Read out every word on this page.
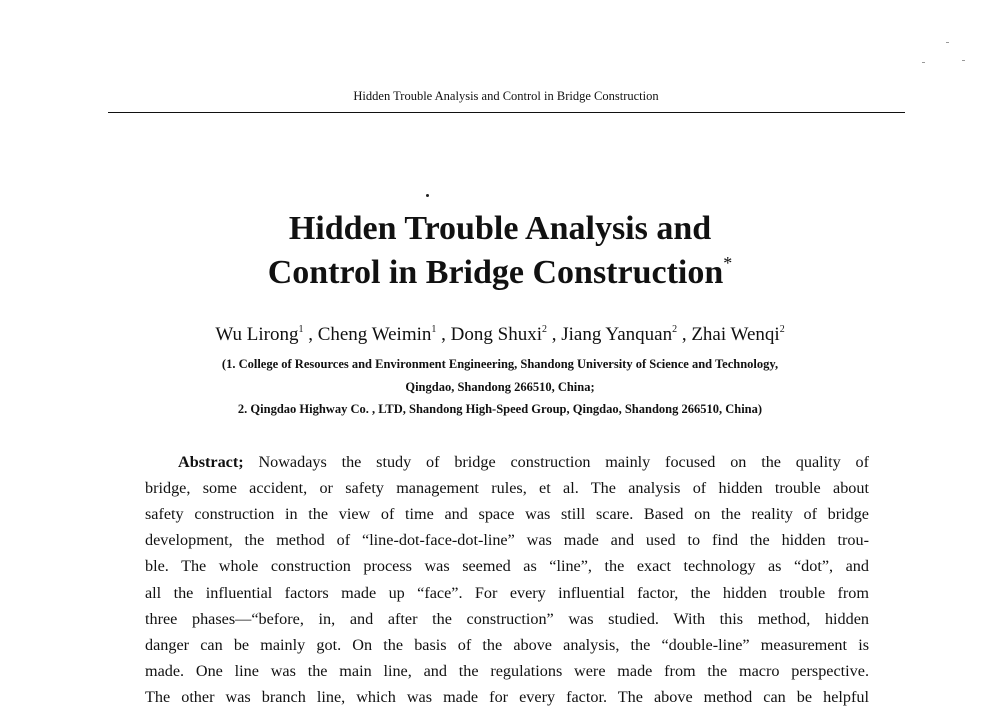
Hidden Trouble Analysis and Control in Bridge Construction
Hidden Trouble Analysis and
Control in Bridge Construction*
Wu Lirong$^1$ , Cheng Weimin$^1$ , Dong Shuxi$^2$ , Jiang Yanquan$^2$ , Zhai Wenqi$^2$
(1. College of Resources and Environment Engineering, Shandong University of Science and Technology,
Qingdao, Shandong 266510, China;
2. Qingdao Highway Co. , LTD, Shandong High-Speed Group, Qingdao, Shandong 266510, China)
Abstract; Nowadays the study of bridge construction mainly focused on the quality of
bridge, some accident, or safety management rules, et al. The analysis of hidden trouble about
safety construction in the view of time and space was still scare. Based on the reality of bridge
development, the method of “line-dot-face-dot-line” was made and used to find the hidden trou-
ble. The whole construction process was seemed as “line”, the exact technology as “dot”, and
all the influential factors made up “face”. For every influential factor, the hidden trouble from
three phases—“before, in, and after the construction” was studied. With this method, hidden
danger can be mainly got. On the basis of the above analysis, the “double-line” measurement is
made. One line was the main line, and the regulations were made from the macro perspective.
The other was branch line, which was made for every factor. The above method can be helpful
